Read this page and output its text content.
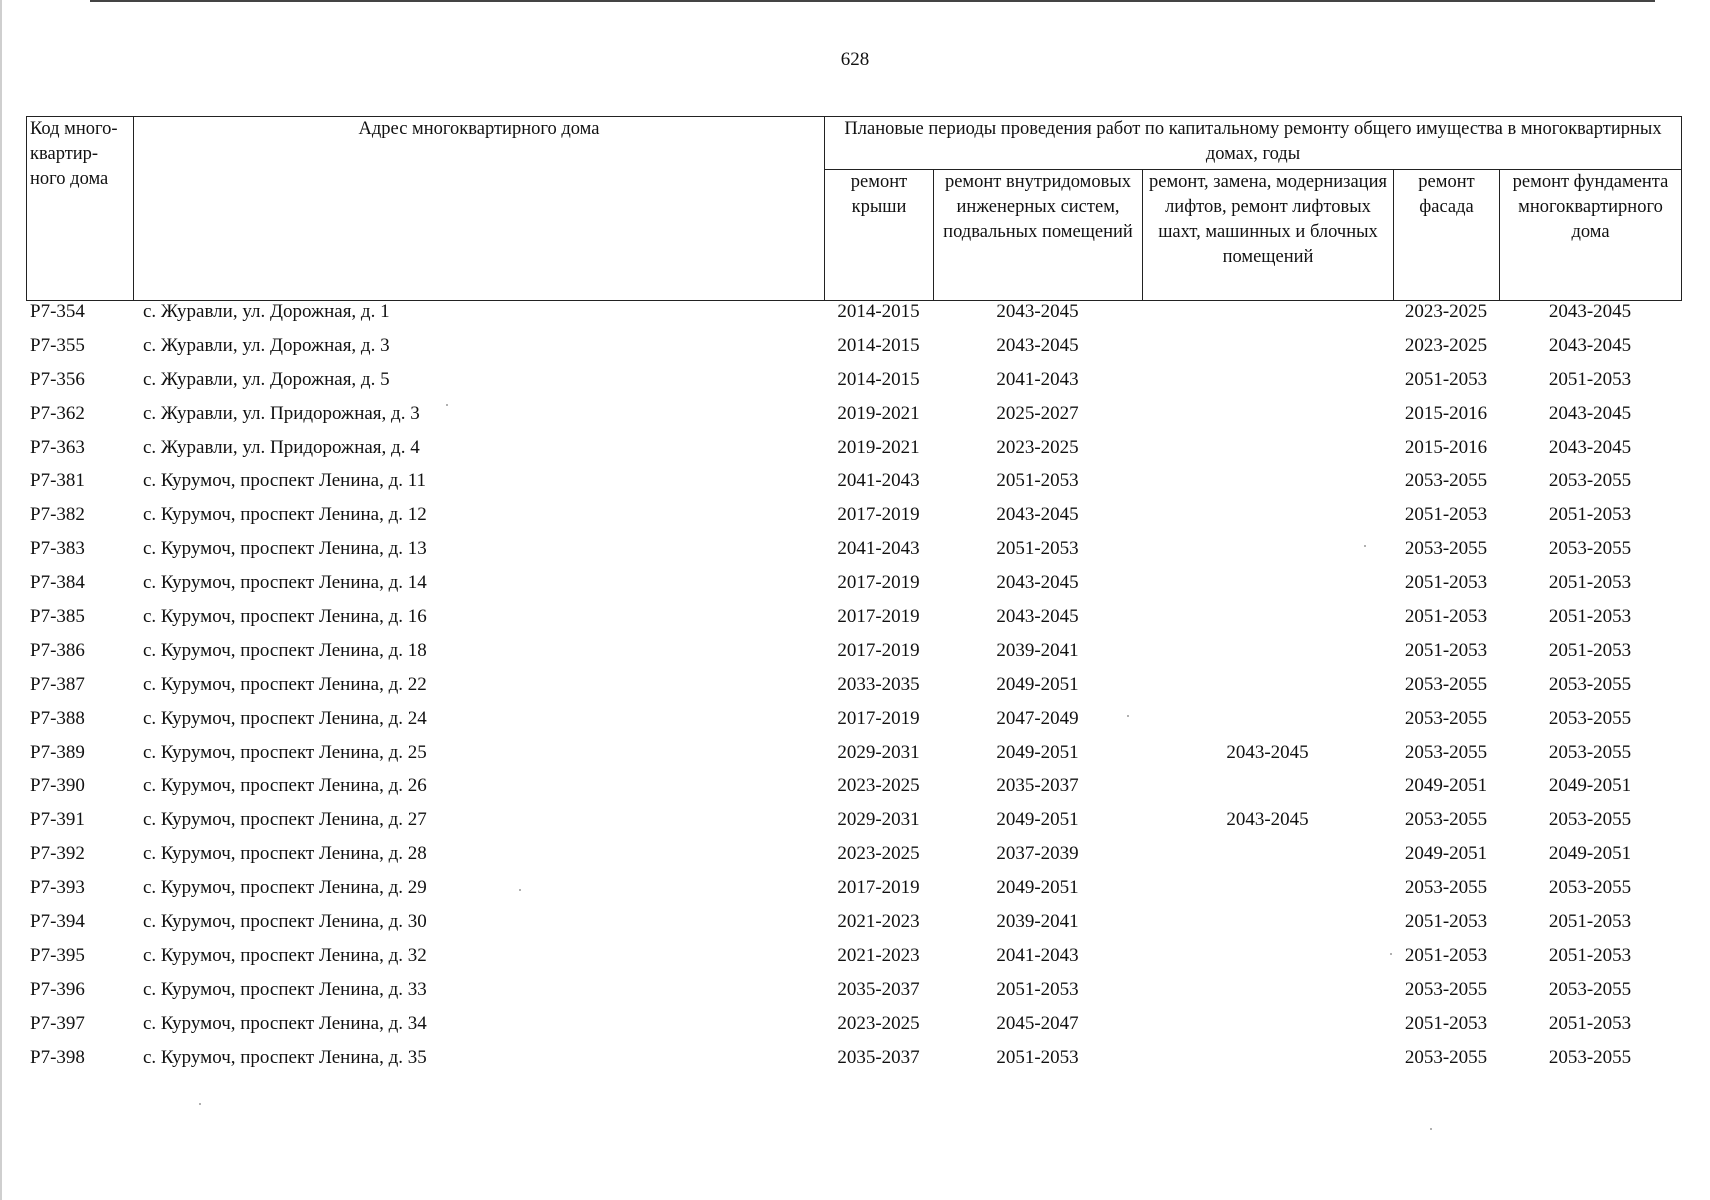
628
Код много- квартир- ного дома	Адрес многоквартирного дома	Плановые периоды проведения работ по капитальному ремонту общего имущества в многоквартирных домах, годы				
		ремонт крыши	ремонт внутридомовых инженерных систем, подвальных помещений	ремонт, замена, модернизация лифтов, ремонт лифтовых шахт, машинных и блочных помещений	ремонт фасада	ремонт фундамента многоквартирного дома
Р7-354	с. Журавли, ул. Дорожная, д. 1	2014-2015	2043-2045		2023-2025	2043-2045
Р7-355	с. Журавли, ул. Дорожная, д. 3	2014-2015	2043-2045		2023-2025	2043-2045
Р7-356	с. Журавли, ул. Дорожная, д. 5	2014-2015	2041-2043		2051-2053	2051-2053
Р7-362	с. Журавли, ул. Придорожная, д. 3	2019-2021	2025-2027		2015-2016	2043-2045
Р7-363	с. Журавли, ул. Придорожная, д. 4	2019-2021	2023-2025		2015-2016	2043-2045
Р7-381	с. Курумоч, проспект Ленина, д. 11	2041-2043	2051-2053		2053-2055	2053-2055
Р7-382	с. Курумоч, проспект Ленина, д. 12	2017-2019	2043-2045		2051-2053	2051-2053
Р7-383	с. Курумоч, проспект Ленина, д. 13	2041-2043	2051-2053		2053-2055	2053-2055
Р7-384	с. Курумоч, проспект Ленина, д. 14	2017-2019	2043-2045		2051-2053	2051-2053
Р7-385	с. Курумоч, проспект Ленина, д. 16	2017-2019	2043-2045		2051-2053	2051-2053
Р7-386	с. Курумоч, проспект Ленина, д. 18	2017-2019	2039-2041		2051-2053	2051-2053
Р7-387	с. Курумоч, проспект Ленина, д. 22	2033-2035	2049-2051		2053-2055	2053-2055
Р7-388	с. Курумоч, проспект Ленина, д. 24	2017-2019	2047-2049		2053-2055	2053-2055
Р7-389	с. Курумоч, проспект Ленина, д. 25	2029-2031	2049-2051	2043-2045	2053-2055	2053-2055
Р7-390	с. Курумоч, проспект Ленина, д. 26	2023-2025	2035-2037		2049-2051	2049-2051
Р7-391	с. Курумоч, проспект Ленина, д. 27	2029-2031	2049-2051	2043-2045	2053-2055	2053-2055
Р7-392	с. Курумоч, проспект Ленина, д. 28	2023-2025	2037-2039		2049-2051	2049-2051
Р7-393	с. Курумоч, проспект Ленина, д. 29	2017-2019	2049-2051		2053-2055	2053-2055
Р7-394	с. Курумоч, проспект Ленина, д. 30	2021-2023	2039-2041		2051-2053	2051-2053
Р7-395	с. Курумоч, проспект Ленина, д. 32	2021-2023	2041-2043		2051-2053	2051-2053
Р7-396	с. Курумоч, проспект Ленина, д. 33	2035-2037	2051-2053		2053-2055	2053-2055
Р7-397	с. Курумоч, проспект Ленина, д. 34	2023-2025	2045-2047		2051-2053	2051-2053
Р7-398	с. Курумоч, проспект Ленина, д. 35	2035-2037	2051-2053		2053-2055	2053-2055
